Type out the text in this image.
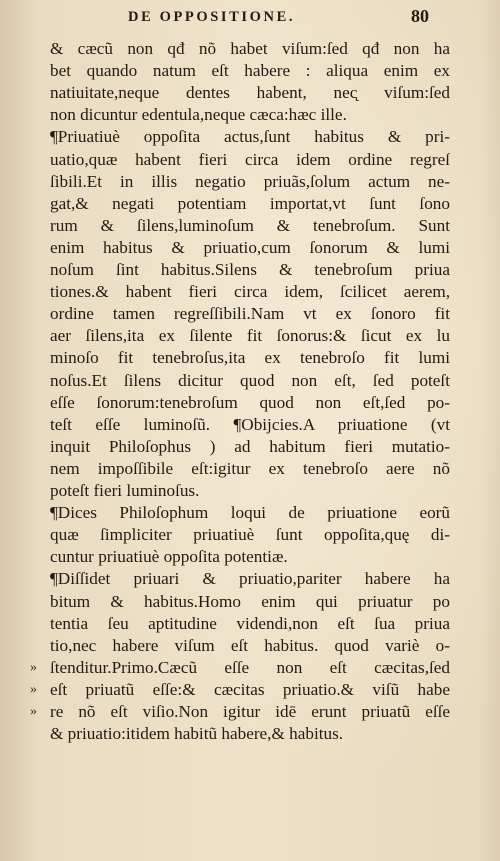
DE OPPOSITIONE.	80
& cæcũ non qđ nõ habet viſum:ſed qđ non ha
bet quando natum eſt habere : aliqua enim ex
natiuitate,neque dentes habent, nec̨ viſum:ſed
non dicuntur edentula,neque cæca:hæc ille.
¶Priuatiuè oppoſita actus,ſunt habitus & pri-
uatio,quæ habent fieri circa idem ordine regreſ
ſibili.Et in illis negatio priuãs,ſolum actum ne-
gat,& negati potentiam importat,vt ſunt ſono
rum & ſilens,luminoſum & tenebroſum. Sunt
enim habitus & priuatio,cum ſonorum & lumi
noſum ſint habitus.Silens & tenebroſum priua
tiones.& habent fieri circa idem, ſcilicet aerem,
ordine tamen regreſſibili.Nam vt ex ſonoro fit
aer ſilens,ita ex ſilente fit ſonorus:& ſicut ex lu
minoſo fit tenebroſus,ita ex tenebroſo fit lumi
noſus.Et ſilens dicitur quod non eſt, ſed poteſt
eſſe ſonorum:tenebroſum quod non eſt,ſed po-
teſt eſſe luminoſũ. ¶Obijcies.A priuatione (vt
inquit Philoſophus ) ad habitum fieri mutatio-
nem impoſſibile eſt:igitur ex tenebroſo aere nõ
poteſt fieri luminoſus.
¶Dices Philoſophum loqui de priuatione eorũ
quæ ſimpliciter priuatiuè ſunt oppoſita,quę di-
cuntur priuatiuè oppoſita potentiæ.
¶Diſſidet priuari & priuatio,pariter habere ha
bitum & habitus.Homo enim qui priuatur po
tentia ſeu aptitudine videndi,non eſt ſua priua
tio,nec habere viſum eſt habitus. quod variè o-
ſtenditur.Primo.Cæcũ eſſe non eſt cæcitas,ſed
»
eſt priuatũ eſſe:& cæcitas priuatio.& viſũ habe
»
re nõ eſt viſio.Non igitur idē erunt priuatũ eſſe
»
& priuatio:itidem habitũ habere,& habitus.
